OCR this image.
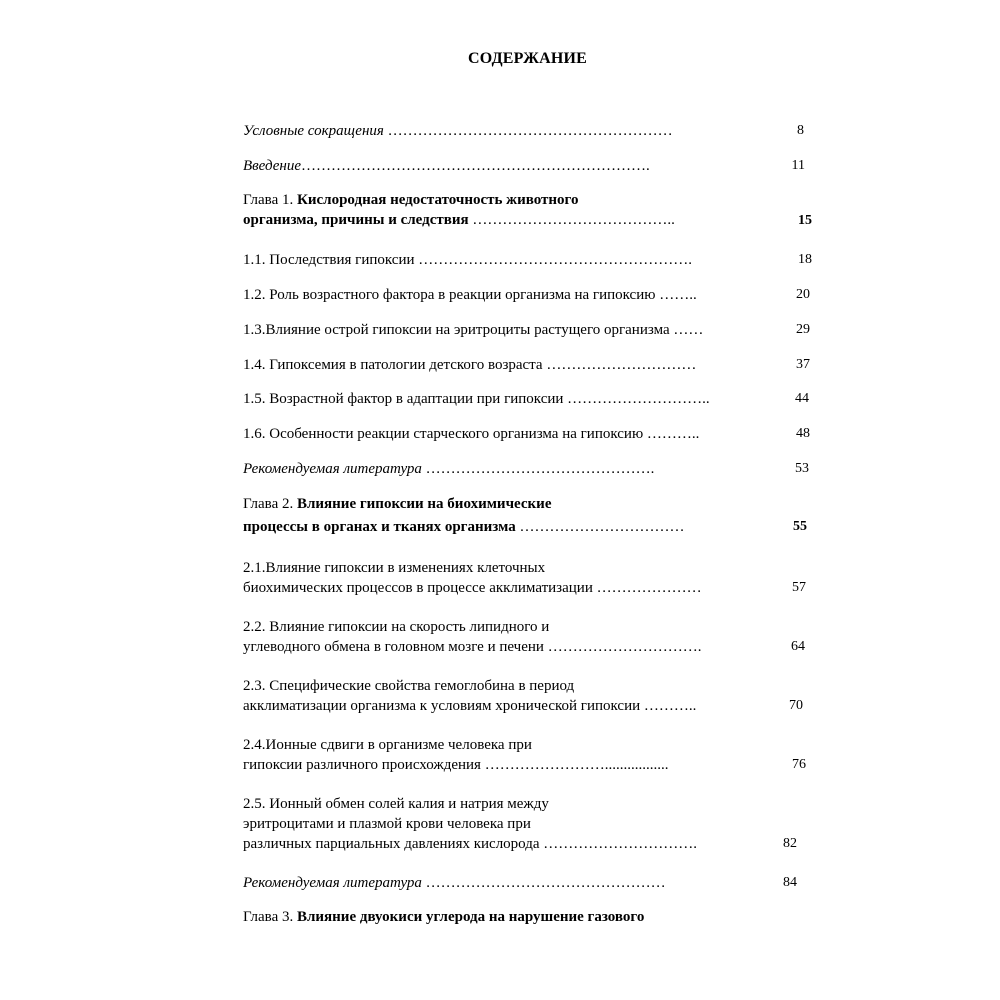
СОДЕРЖАНИЕ
Условные сокращения …………………………………………………	8
Введение…………………………………………………………….	11
Глава 1. Кислородная недостаточность животного
организма, причины и следствия …………………………………..	15
1.1. Последствия гипоксии ……………………………………………….	18
1.2. Роль возрастного фактора в реакции организма на гипоксию ……..	20
1.3.Влияние острой гипоксии на эритроциты растущего организма ……	29
1.4. Гипоксемия в патологии детского возраста …………………………	37
1.5. Возрастной фактор в адаптации при гипоксии ………………………..	44
1.6. Особенности реакции старческого организма на гипоксию ………..	48
Рекомендуемая литература ……………………………………….	53
Глава 2. Влияние гипоксии на биохимические
процессы в органах и тканях организма ……………………………	55
2.1.Влияние гипоксии в изменениях клеточных
биохимических процессов в процессе акклиматизации …………………	57
2.2. Влияние гипоксии на скорость липидного и
углеводного обмена в головном мозге и печени ………………………….	64
2.3. Специфические свойства гемоглобина в период
акклиматизации организма к условиям хронической гипоксии ………..	70
2.4.Ионные сдвиги в организме человека при
гипоксии различного происхождения …………………….................	76
2.5. Ионный обмен солей калия и натрия между
эритроцитами и плазмой крови человека при
различных парциальных давлениях кислорода ………………………….	82
Рекомендуемая литература …………………………………………	84
Глава 3. Влияние двуокиси углерода на нарушение газового
